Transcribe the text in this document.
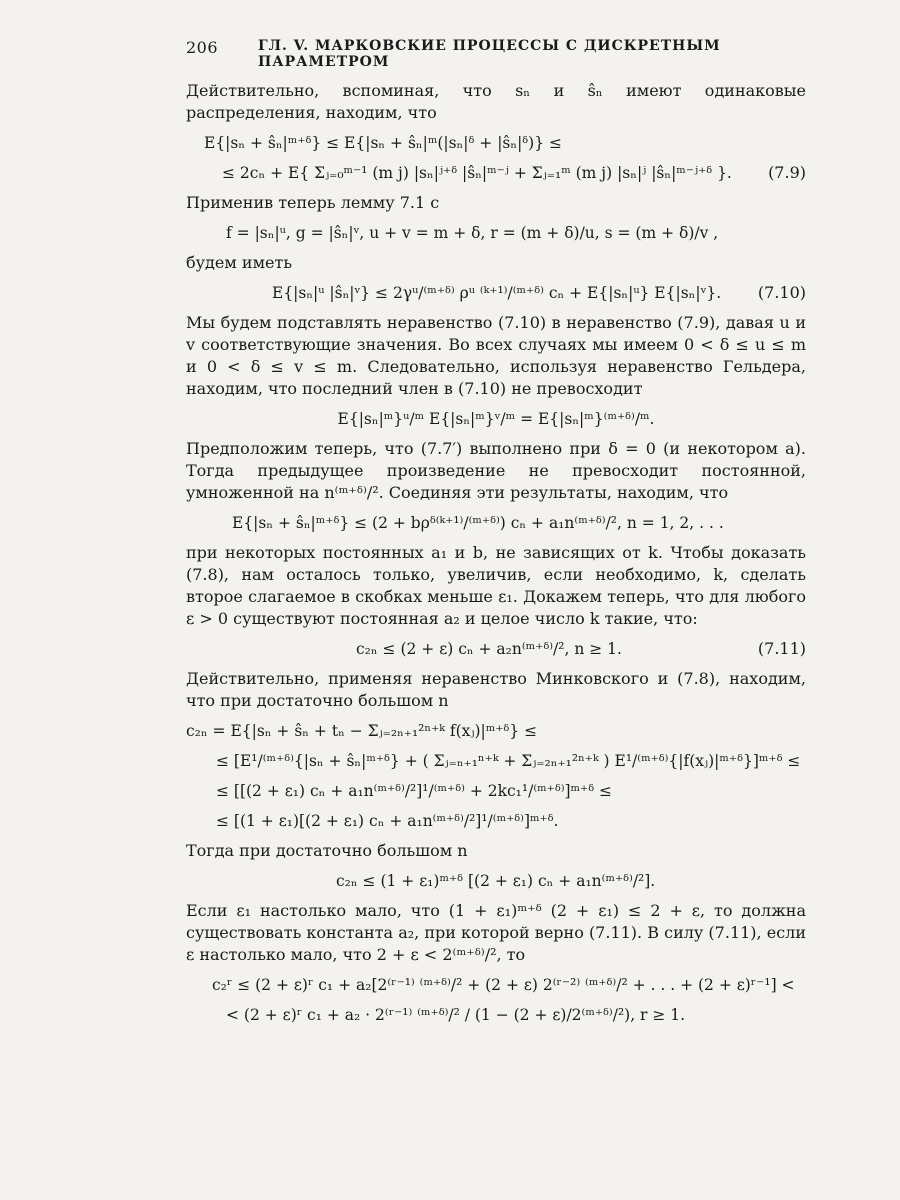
206	ГЛ. V. МАРКОВСКИЕ ПРОЦЕССЫ С ДИСКРЕТНЫМ ПАРАМЕТРОМ

Действительно, вспоминая, что sₙ и ŝₙ имеют одинаковые распределения, находим, что

E{|sₙ + ŝₙ|ᵐ⁺ᵟ} ≤ E{|sₙ + ŝₙ|ᵐ(|sₙ|ᵟ + |ŝₙ|ᵟ)} ≤
≤ 2cₙ + E{ Σⱼ₌₀ᵐ⁻¹ (m j) |sₙ|ʲ⁺ᵟ |ŝₙ|ᵐ⁻ʲ + Σⱼ₌₁ᵐ (m j) |sₙ|ʲ |ŝₙ|ᵐ⁻ʲ⁺ᵟ }. (7.9)

Применив теперь лемму 7.1 с

f = |sₙ|ᵘ, g = |ŝₙ|ᵛ, u + v = m + δ, r = (m + δ)/u, s = (m + δ)/v ,

будем иметь

E{|sₙ|ᵘ |ŝₙ|ᵛ} ≤ 2γᵘ/⁽ᵐ⁺ᵟ⁾ ρᵘ ⁽ᵏ⁺¹⁾/⁽ᵐ⁺ᵟ⁾ cₙ + E{|sₙ|ᵘ} E{|sₙ|ᵛ}. (7.10)

Мы будем подставлять неравенство (7.10) в неравенство (7.9), давая u и v соответствующие значения. Во всех случаях мы имеем 0 < δ ≤ u ≤ m и 0 < δ ≤ v ≤ m. Следовательно, используя неравенство Гельдера, находим, что последний член в (7.10) не превосходит

E{|sₙ|ᵐ}ᵘ/ᵐ E{|sₙ|ᵐ}ᵛ/ᵐ = E{|sₙ|ᵐ}⁽ᵐ⁺ᵟ⁾/ᵐ.

Предположим теперь, что (7.7′) выполнено при δ = 0 (и некотором a). Тогда предыдущее произведение не превосходит постоянной, умноженной на n⁽ᵐ⁺ᵟ⁾/². Соединяя эти результаты, находим, что

E{|sₙ + ŝₙ|ᵐ⁺ᵟ} ≤ (2 + bρᵟ⁽ᵏ⁺¹⁾/⁽ᵐ⁺ᵟ⁾) cₙ + a₁n⁽ᵐ⁺ᵟ⁾/², n = 1, 2, . . .

при некоторых постоянных a₁ и b, не зависящих от k. Чтобы доказать (7.8), нам осталось только, увеличив, если необходимо, k, сделать второе слагаемое в скобках меньше ε₁. Докажем теперь, что для любого ε > 0 существуют постоянная a₂ и целое число k такие, что:

c₂ₙ ≤ (2 + ε) cₙ + a₂n⁽ᵐ⁺ᵟ⁾/², n ≥ 1.	(7.11)

Действительно, применяя неравенство Минковского и (7.8), находим, что при достаточно большом n

c₂ₙ = E{|sₙ + ŝₙ + tₙ − Σⱼ₌₂ₙ₊₁²ⁿ⁺ᵏ f(xⱼ)|ᵐ⁺ᵟ} ≤
≤ [E¹/⁽ᵐ⁺ᵟ⁾{|sₙ + ŝₙ|ᵐ⁺ᵟ} + ( Σⱼ₌ₙ₊₁ⁿ⁺ᵏ + Σⱼ₌₂ₙ₊₁²ⁿ⁺ᵏ ) E¹/⁽ᵐ⁺ᵟ⁾{|f(xⱼ)|ᵐ⁺ᵟ}]ᵐ⁺ᵟ ≤
≤ [[(2 + ε₁) cₙ + a₁n⁽ᵐ⁺ᵟ⁾/²]¹/⁽ᵐ⁺ᵟ⁾ + 2kc₁¹/⁽ᵐ⁺ᵟ⁾]ᵐ⁺ᵟ ≤
≤ [(1 + ε₁)[(2 + ε₁) cₙ + a₁n⁽ᵐ⁺ᵟ⁾/²]¹/⁽ᵐ⁺ᵟ⁾]ᵐ⁺ᵟ.

Тогда при достаточно большом n

c₂ₙ ≤ (1 + ε₁)ᵐ⁺ᵟ [(2 + ε₁) cₙ + a₁n⁽ᵐ⁺ᵟ⁾/²].

Если ε₁ настолько мало, что (1 + ε₁)ᵐ⁺ᵟ (2 + ε₁) ≤ 2 + ε, то должна существовать константа a₂, при которой верно (7.11). В силу (7.11), если ε настолько мало, что 2 + ε < 2⁽ᵐ⁺ᵟ⁾/², то

c₂ʳ ≤ (2 + ε)ʳ c₁ + a₂[2⁽ʳ⁻¹⁾ ⁽ᵐ⁺ᵟ⁾/² + (2 + ε) 2⁽ʳ⁻²⁾ ⁽ᵐ⁺ᵟ⁾/² + . . . + (2 + ε)ʳ⁻¹] <
< (2 + ε)ʳ c₁ + a₂ · 2⁽ʳ⁻¹⁾ ⁽ᵐ⁺ᵟ⁾/² / (1 − (2 + ε)/2⁽ᵐ⁺ᵟ⁾/²), r ≥ 1.
